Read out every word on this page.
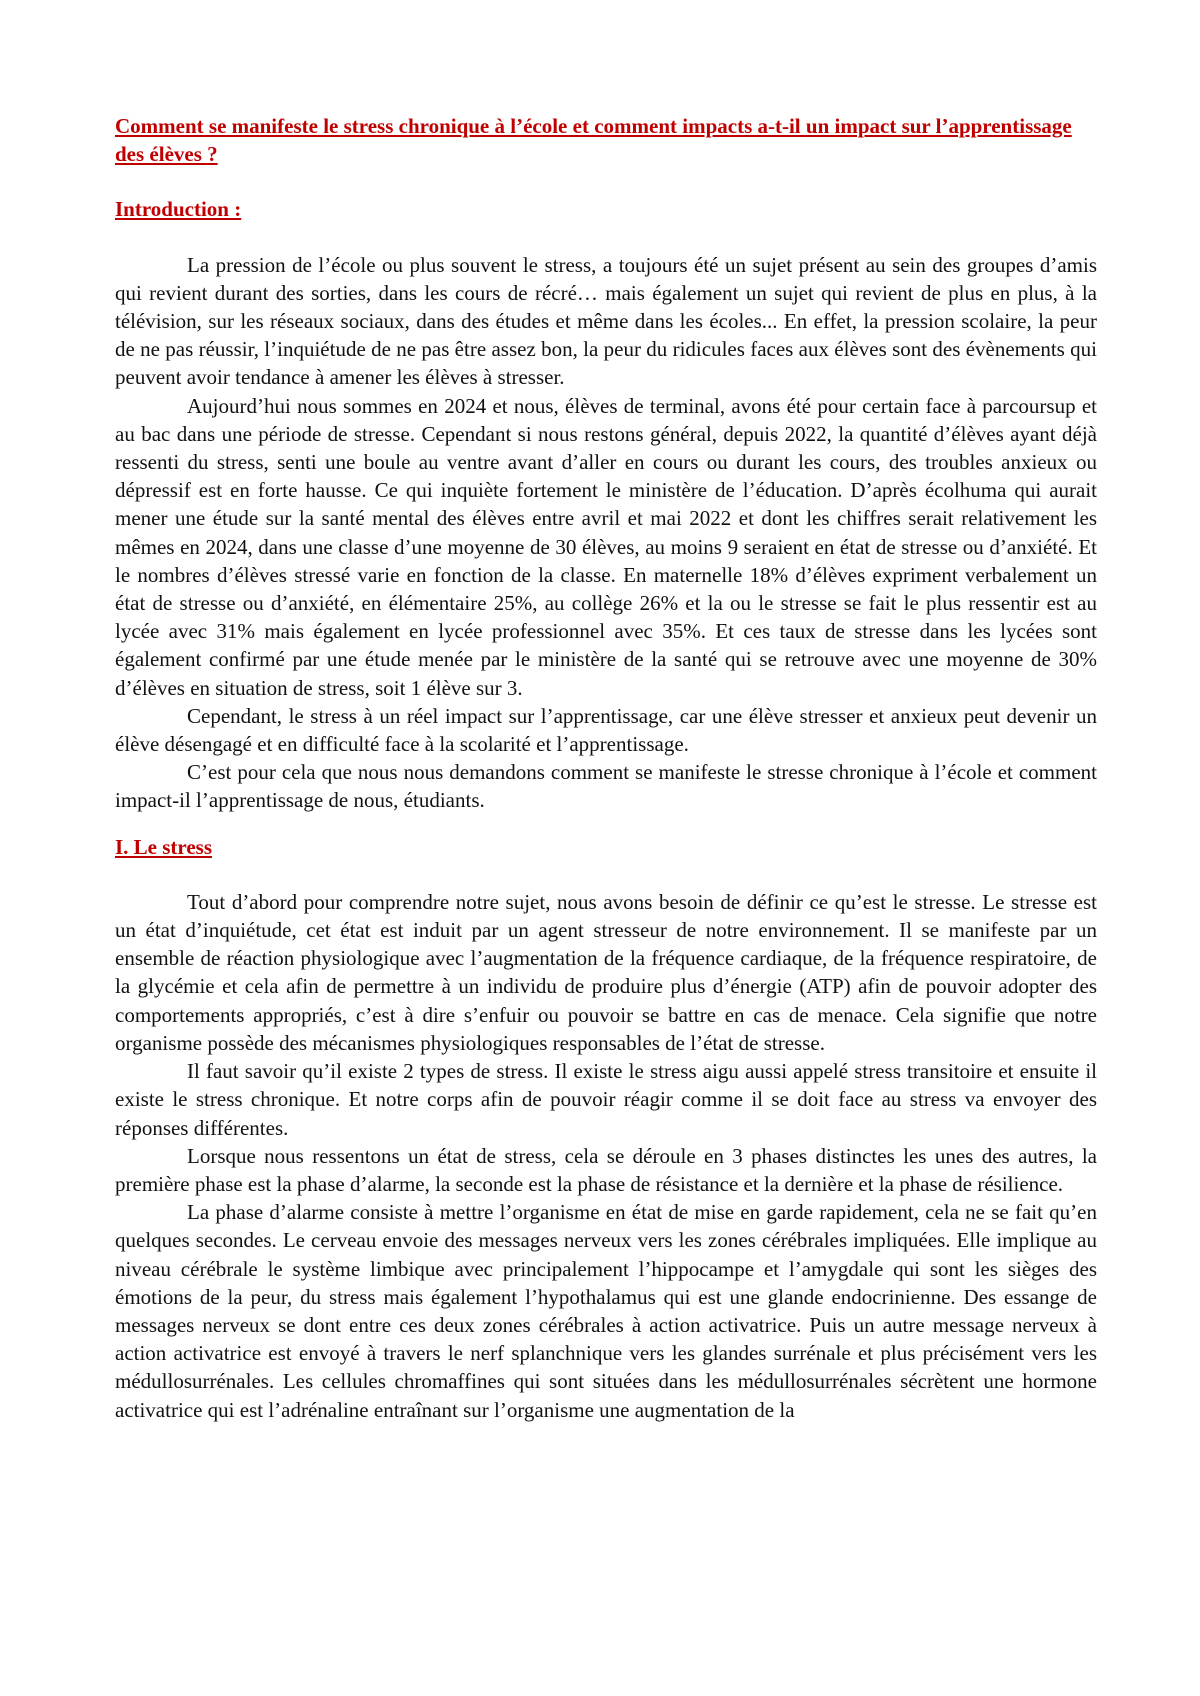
Comment se manifeste le stress chronique à l’école et comment impacts a-t-il un impact sur l’apprentissage des élèves ?

Introduction :

La pression de l’école ou plus souvent le stress, a toujours été un sujet présent au sein des groupes d’amis qui revient durant des sorties, dans les cours de récré… mais également un sujet qui revient de plus en plus, à la télévision, sur les réseaux sociaux, dans des études et même dans les écoles... En effet, la pression scolaire, la peur de ne pas réussir, l’inquiétude de ne pas être assez bon, la peur du ridicules faces aux élèves sont des évènements qui peuvent avoir tendance à amener les élèves à stresser.

Aujourd’hui nous sommes en 2024 et nous, élèves de terminal, avons été pour certain face à parcoursup et au bac dans une période de stresse. Cependant si nous restons général, depuis 2022, la quantité d’élèves ayant déjà ressenti du stress, senti une boule au ventre avant d’aller en cours ou durant les cours, des troubles anxieux ou dépressif est en forte hausse. Ce qui inquiète fortement le ministère de l’éducation. D’après écolhuma qui aurait mener une étude sur la santé mental des élèves entre avril et mai 2022 et dont les chiffres serait relativement les mêmes en 2024, dans une classe d’une moyenne de 30 élèves, au moins 9 seraient en état de stresse ou d’anxiété. Et le nombres d’élèves stressé varie en fonction de la classe. En maternelle 18% d’élèves expriment verbalement un état de stresse ou d’anxiété, en élémentaire 25%, au collège 26% et la ou le stresse se fait le plus ressentir est au lycée avec 31% mais également en lycée professionnel avec 35%. Et ces taux de stresse dans les lycées sont également confirmé par une étude menée par le ministère de la santé qui se retrouve avec une moyenne de 30% d’élèves en situation de stress, soit 1 élève sur 3.

Cependant, le stress à un réel impact sur l’apprentissage, car une élève stresser et anxieux peut devenir un élève désengagé et en difficulté face à la scolarité et l’apprentissage.

C’est pour cela que nous nous demandons comment se manifeste le stresse chronique à l’école et comment impact-il l’apprentissage de nous, étudiants.

I. Le stress

Tout d’abord pour comprendre notre sujet, nous avons besoin de définir ce qu’est le stresse. Le stresse est un état d’inquiétude, cet état est induit par un agent stresseur de notre environnement. Il se manifeste par un ensemble de réaction physiologique avec l’augmentation de la fréquence cardiaque, de la fréquence respiratoire, de la glycémie et cela afin de permettre à un individu de produire plus d’énergie (ATP) afin de pouvoir adopter des comportements appropriés, c’est à dire s’enfuir ou pouvoir se battre en cas de menace. Cela signifie que notre organisme possède des mécanismes physiologiques responsables de l’état de stresse.

Il faut savoir qu’il existe 2 types de stress. Il existe le stress aigu aussi appelé stress transitoire et ensuite il existe le stress chronique. Et notre corps afin de pouvoir réagir comme il se doit face au stress va envoyer des réponses différentes.

Lorsque nous ressentons un état de stress, cela se déroule en 3 phases distinctes les unes des autres, la première phase est la phase d’alarme, la seconde est la phase de résistance et la dernière et la phase de résilience.

La phase d’alarme consiste à mettre l’organisme en état de mise en garde rapidement, cela ne se fait qu’en quelques secondes. Le cerveau envoie des messages nerveux vers les zones cérébrales impliquées. Elle implique au niveau cérébrale le système limbique avec principalement l’hippocampe et l’amygdale qui sont les sièges des émotions de la peur, du stress mais également l’hypothalamus qui est une glande endocrinienne. Des essange de messages nerveux se dont entre ces deux zones cérébrales à action activatrice. Puis un autre message nerveux à action activatrice est envoyé à travers le nerf splanchnique vers les glandes surrénale et plus précisément vers les médullosurrénales. Les cellules chromaffines qui sont situées dans les médullosurrénales sécrètent une hormone activatrice qui est l’adrénaline entraînant sur l’organisme une augmentation de la
